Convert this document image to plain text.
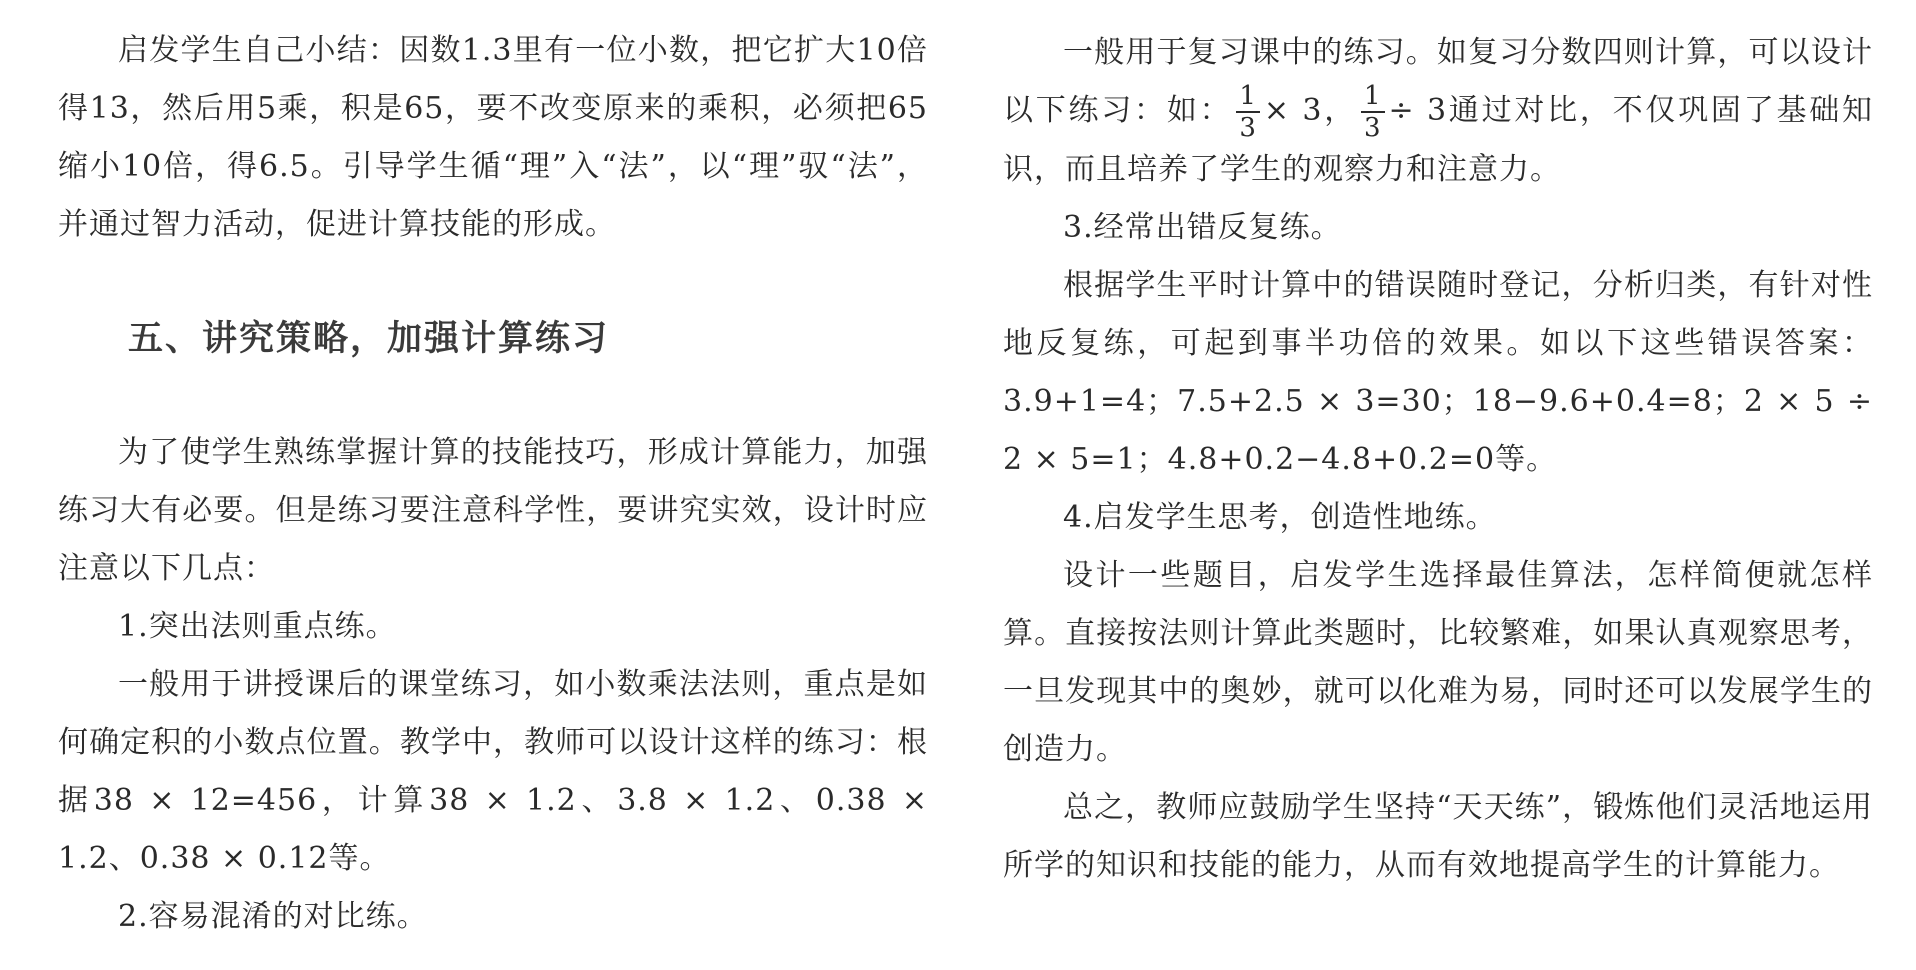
启发学生自己小结：因数1.3里有一位小数，把它扩大10倍得13，然后用5乘，积是65，要不改变原来的乘积，必须把65缩小10倍，得6.5。引导学生循“理”入“法”，以“理”驭“法”，并通过智力活动，促进计算技能的形成。

五、讲究策略，加强计算练习

为了使学生熟练掌握计算的技能技巧，形成计算能力，加强练习大有必要。但是练习要注意科学性，要讲究实效，设计时应注意以下几点：

1.突出法则重点练。

一般用于讲授课后的课堂练习，如小数乘法法则，重点是如何确定积的小数点位置。教学中，教师可以设计这样的练习：根据38 × 12=456，计算38 × 1.2、3.8 × 1.2、0.38 × 1.2、0.38 × 0.12等。

2.容易混淆的对比练。

一般用于复习课中的练习。如复习分数四则计算，可以设计以下练习：如： $\frac{1}{3} \times 3$， $\frac{1}{3} \div 3$通过对比，不仅巩固了基础知识，而且培养了学生的观察力和注意力。

3.经常出错反复练。

根据学生平时计算中的错误随时登记，分析归类，有针对性地反复练，可起到事半功倍的效果。如以下这些错误答案：3.9+1=4；7.5+2.5 × 3=30；18−9.6+0.4=8；2 × 5 ÷ 2 × 5=1；4.8+0.2−4.8+0.2=0等。

4.启发学生思考，创造性地练。

设计一些题目，启发学生选择最佳算法，怎样简便就怎样算。直接按法则计算此类题时，比较繁难，如果认真观察思考，一旦发现其中的奥妙，就可以化难为易，同时还可以发展学生的创造力。

总之，教师应鼓励学生坚持“天天练”，锻炼他们灵活地运用所学的知识和技能的能力，从而有效地提高学生的计算能力。
